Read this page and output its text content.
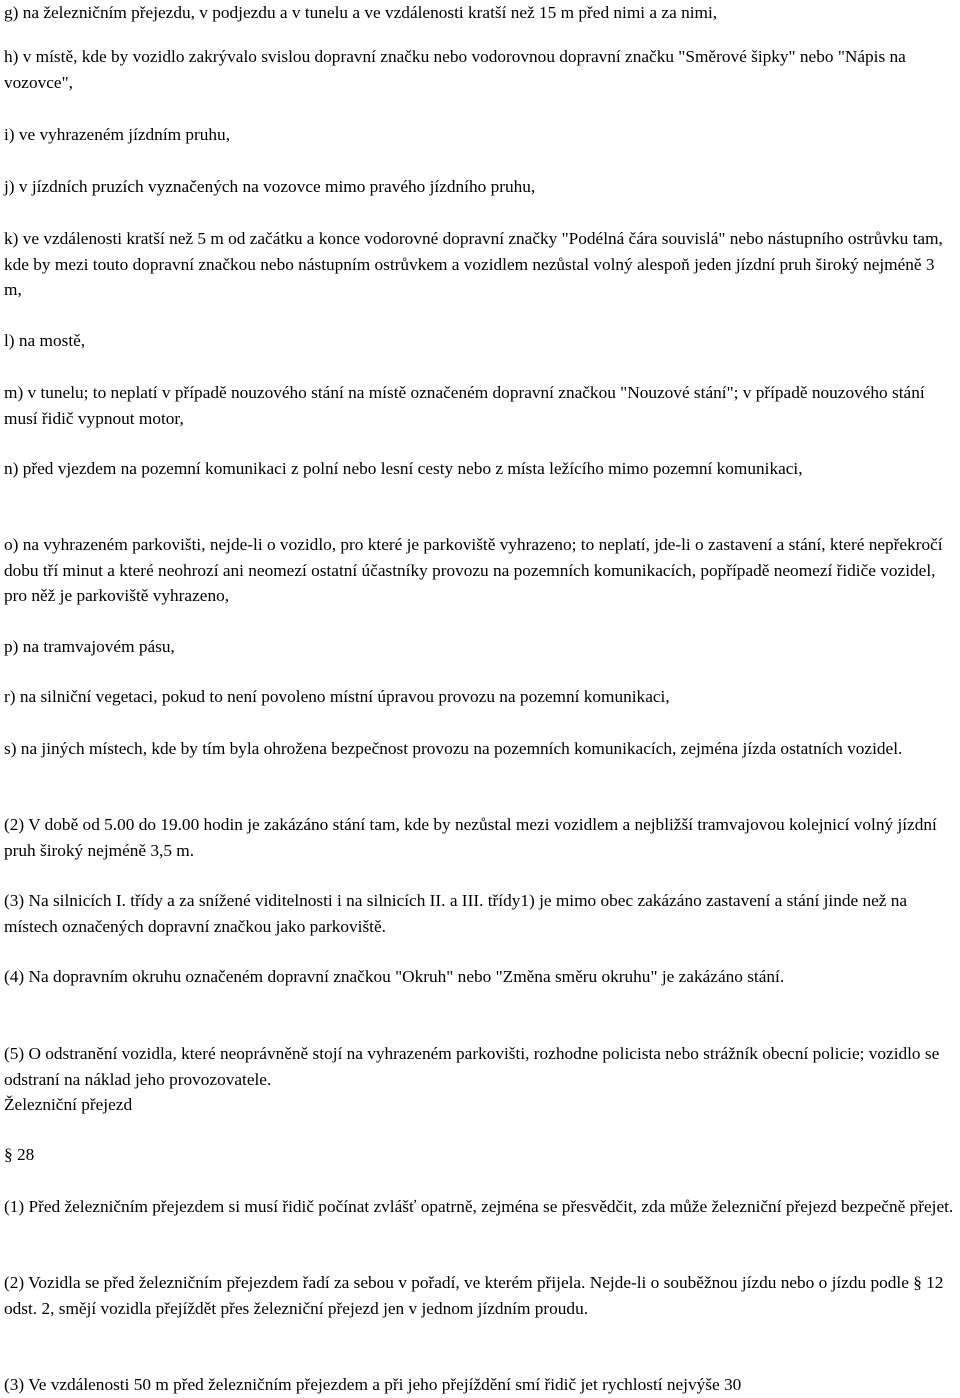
g) na železničním přejezdu, v podjezdu a v tunelu a ve vzdálenosti kratší než 15 m před nimi a za nimi,

h) v místě, kde by vozidlo zakrývalo svislou dopravní značku nebo vodorovnou dopravní značku "Směrové šipky" nebo "Nápis na vozovce",

i) ve vyhrazeném jízdním pruhu,

j) v jízdních pruzích vyznačených na vozovce mimo pravého jízdního pruhu,

k) ve vzdálenosti kratší než 5 m od začátku a konce vodorovné dopravní značky "Podélná čára souvislá" nebo nástupního ostrůvku tam, kde by mezi touto dopravní značkou nebo nástupním ostrůvkem a vozidlem nezůstal volný alespoň jeden jízdní pruh široký nejméně 3 m,

l) na mostě,

m) v tunelu; to neplatí v případě nouzového stání na místě označeném dopravní značkou "Nouzové stání"; v případě nouzového stání musí řidič vypnout motor,

n) před vjezdem na pozemní komunikaci z polní nebo lesní cesty nebo z místa ležícího mimo pozemní komunikaci,

o) na vyhrazeném parkovišti, nejde-li o vozidlo, pro které je parkoviště vyhrazeno; to neplatí, jde-li o zastavení a stání, které nepřekročí dobu tří minut a které neohrozí ani neomezí ostatní účastníky provozu na pozemních komunikacích, popřípadě neomezí řidiče vozidel, pro něž je parkoviště vyhrazeno,

p) na tramvajovém pásu,

r) na silniční vegetaci, pokud to není povoleno místní úpravou provozu na pozemní komunikaci,

s) na jiných místech, kde by tím byla ohrožena bezpečnost provozu na pozemních komunikacích, zejména jízda ostatních vozidel.

(2) V době od 5.00 do 19.00 hodin je zakázáno stání tam, kde by nezůstal mezi vozidlem a nejbližší tramvajovou kolejnicí volný jízdní pruh široký nejméně 3,5 m.

(3) Na silnicích I. třídy a za snížené viditelnosti i na silnicích II. a III. třídy1) je mimo obec zakázáno zastavení a stání jinde než na místech označených dopravní značkou jako parkoviště.

(4) Na dopravním okruhu označeném dopravní značkou "Okruh" nebo "Změna směru okruhu" je zakázáno stání.

(5) O odstranění vozidla, které neoprávněně stojí na vyhrazeném parkovišti, rozhodne policista nebo strážník obecní policie; vozidlo se odstraní na náklad jeho provozovatele.

Železniční přejezd

§ 28

(1) Před železničním přejezdem si musí řidič počínat zvlášť opatrně, zejména se přesvědčit, zda může železniční přejezd bezpečně přejet.

(2) Vozidla se před železničním přejezdem řadí za sebou v pořadí, ve kterém přijela. Nejde-li o souběžnou jízdu nebo o jízdu podle § 12 odst. 2, smějí vozidla přejíždět přes železniční přejezd jen v jednom jízdním proudu.

(3) Ve vzdálenosti 50 m před železničním přejezdem a při jeho přejíždění smí řidič jet rychlostí nejvýše 30
